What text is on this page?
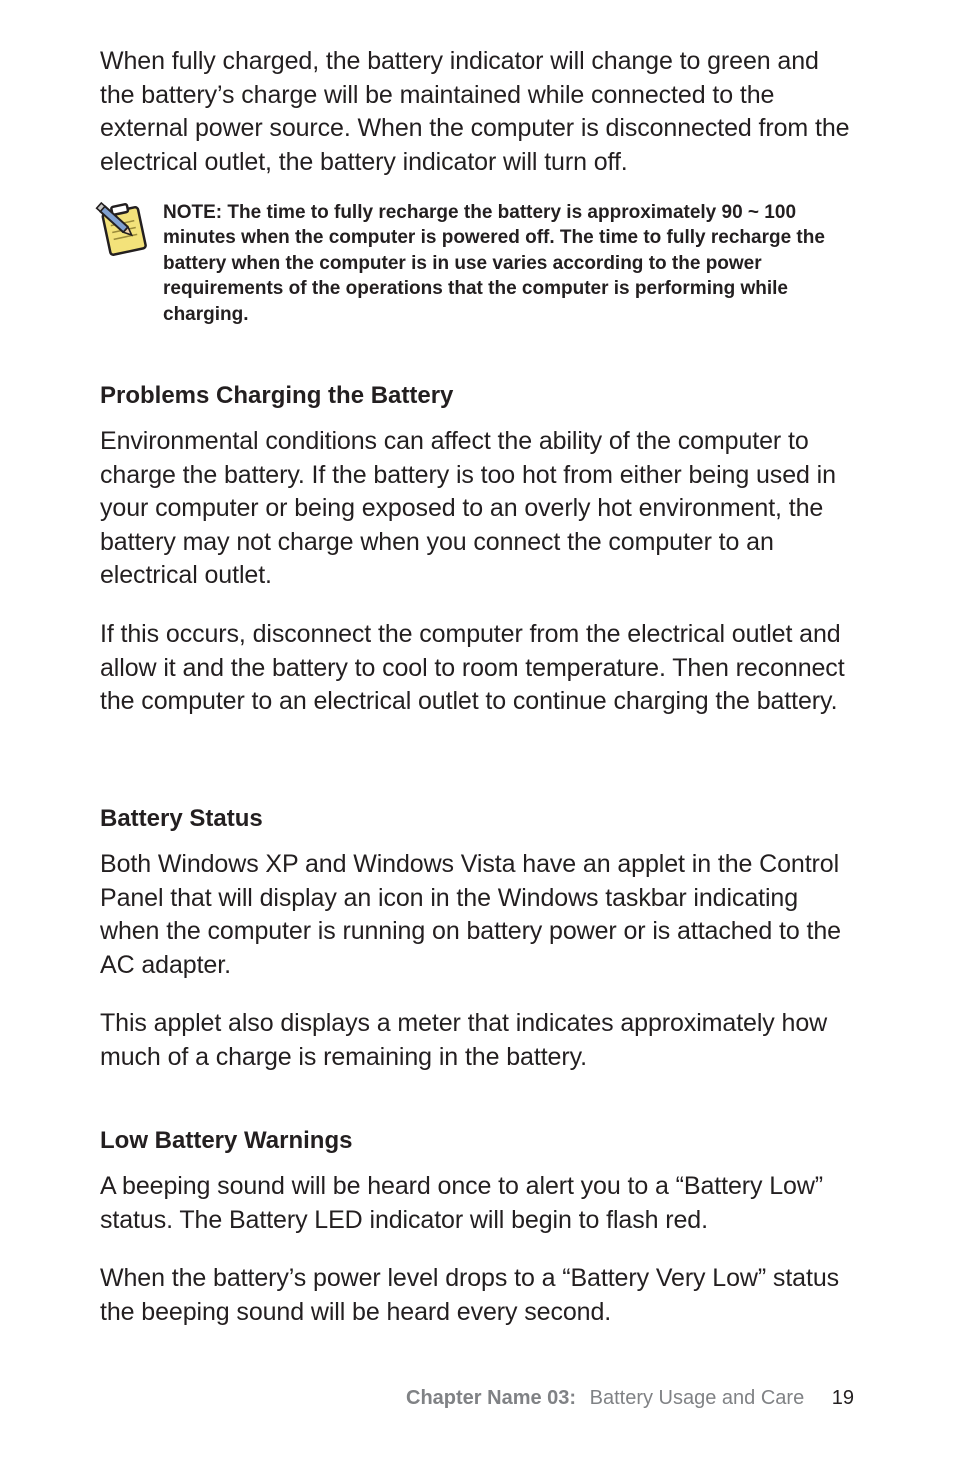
When fully charged, the battery indicator will change to green and the battery’s charge will be maintained while connected to the external power source. When the computer is disconnected from the electrical outlet, the battery indicator will turn off.

NOTE: The time to fully recharge the battery is approximately 90 ~ 100 minutes when the computer is powered off. The time to fully recharge the battery when the computer is in use varies according to the power requirements of the operations that the computer is performing while charging.

Problems Charging the Battery

Environmental conditions can affect the ability of the computer to charge the battery. If the battery is too hot from either being used in your computer or being exposed to an overly hot environment, the battery may not charge when you connect the computer to an electrical outlet.

If this occurs, disconnect the computer from the electrical outlet and allow it and the battery to cool to room temperature. Then reconnect the computer to an electrical outlet to continue charging the battery.

Battery Status

Both Windows XP and Windows Vista have an applet in the Control Panel that will display an icon in the Windows taskbar indicating when the computer is running on battery power or is attached to the AC adapter.

This applet also displays a meter that indicates approximately how much of a charge is remaining in the battery.

Low Battery Warnings

A beeping sound will be heard once to alert you to a “Battery Low” status. The Battery LED indicator will begin to flash red.

When the battery’s power level drops to a “Battery Very Low” status the beeping sound will be heard every second.

Chapter Name 03: Battery Usage and Care 19
